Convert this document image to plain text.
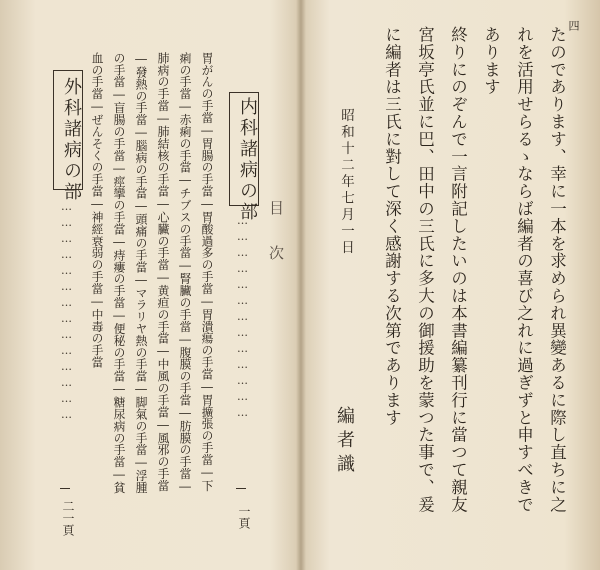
四
たのであります、幸に一本を求められ異變あるに際し直ちに之
れを活用せらるゝならば編者の喜び之れに過ぎずと申すべきで
あります
終りにのぞんで一言附記したいのは本書編纂刊行に當つて親友
宮坂亭氏並に巴、田中の三氏に多大の御援助を蒙つた事で、爰
に編者は三氏に對して深く感謝する次第であります
昭和十二年七月一日
編者識
目次
内科諸病の部
…………………………………
一頁
胃がんの手當―胃腸の手當―胃酸過多の手當―胃潰瘍の手當―胃擴張の手當―下
痢の手當―赤痢の手當―チブスの手當―腎臟の手當―腹膜の手當―肪膜の手當―
肺病の手當―肺結核の手當―心臟の手當―黄疸の手當―中風の手當―風邪の手當
―發熱の手當―腦病の手當―頭痛の手當―マラリヤ熱の手當―脚氣の手當―浮腫
の手當―盲腸の手當―痙攣の手當―痔瘻の手當―便秘の手當―糖尿病の手當―貧
血の手當―ぜんそくの手當―神經衰弱の手當―中毒の手當
外科諸病の部
……………………………………
二一頁
